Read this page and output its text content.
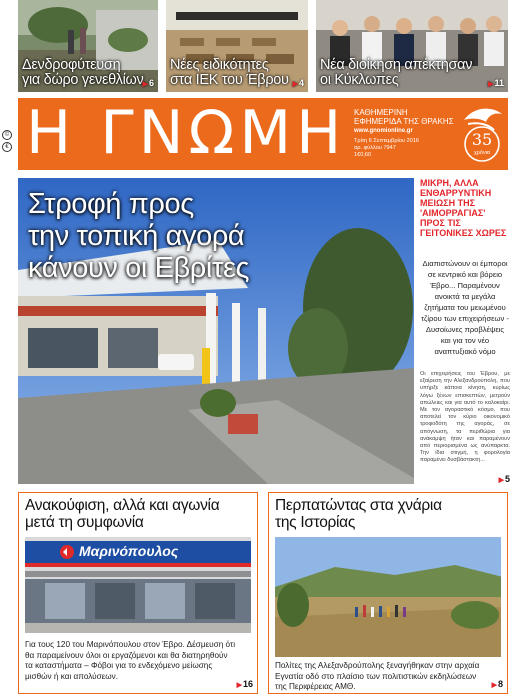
Δενδροφύτευση
για δώρο γενεθλίων ▶ 6
Νέες ειδικότητες
στα ΙΕΚ του Έβρου	▶ 4
Νέα διοίκηση απέκτησαν
οι Κύκλωπες	▶ 11
©
€ Η ΓΝΩΜΗ ΚΑΘΗΜΕΡΙΝΗ
ΕΦΗΜΕΡΙΔΑ ΤΗΣ ΘΡΑΚΗΣ
www.gnomionline.gr
Τρίτη 6 Σεπτεμβρίου 2016
αρ. φύλλου 7947
1€0,60
35
χρόνια
Στροφή προς
την τοπική αγορά
κάνουν οι Εβρίτες
ΜΙΚΡΗ, ΑΛΛΑ ΕΝΘΑΡΡΥΝΤΙΚΗ ΜΕΙΩΣΗ ΤΗΣ 'ΑΙΜΟΡΡΑΓΙΑΣ' ΠΡΟΣ ΤΙΣ ΓΕΙΤΟΝΙΚΕΣ ΧΩΡΕΣ
Διαπιστώνουν οι έμποροι σε κεντρικό και βόρειο Έβρο... Παραμένουν ανοικτά τα μεγάλα ζητήματα του μειωμένου τζίρου των επιχειρήσεων - Δυσοίωνες προβλέψεις και για τον νέο αναπτυξιακό νόμο
Οι επιχειρήσεις του Έβρου, με εξαίρεση την Αλεξανδρούπολη, που υπήρξε κάποια κίνηση, κυρίως λόγω ξένων επισκεπτών, μετρούν απώλειες και για αυτό το καλοκαίρι. Με τον αγοραστικό κόσμο, που αποτελεί τον κύριο οικονομικό τροφοδότη της αγοράς, σε απόγνωση, τα περιθώρια για ανάκαμψη ήταν και παραμένουν από περιορισμένα ως ανύπαρκτα. Την ίδια στιγμή, η φορολογία παραμένει δυσβάστακτη...
▶ 5
Ανακούφιση, αλλά και αγωνία
μετά τη συμφωνία
Μαρινόπουλος
Για τους 120 του Μαρινόπουλου στον Έβρο. Δέσμευση ότι θα παραμείνουν όλοι οι εργαζόμενοι και θα διατηρηθούν τα καταστήματα – Φόβοι για το ενδεχόμενο μείωσης μισθών ή και απολύσεων.
▶ 16
Περπατώντας στα χνάρια
της Ιστορίας
Πολίτες της Αλεξανδρούπολης ξεναγήθηκαν στην αρχαία Εγνατία οδό στο πλαίσιο των πολιτιστικών εκδηλώσεων της Περιφέρειας ΑΜΘ.	▶ 8
